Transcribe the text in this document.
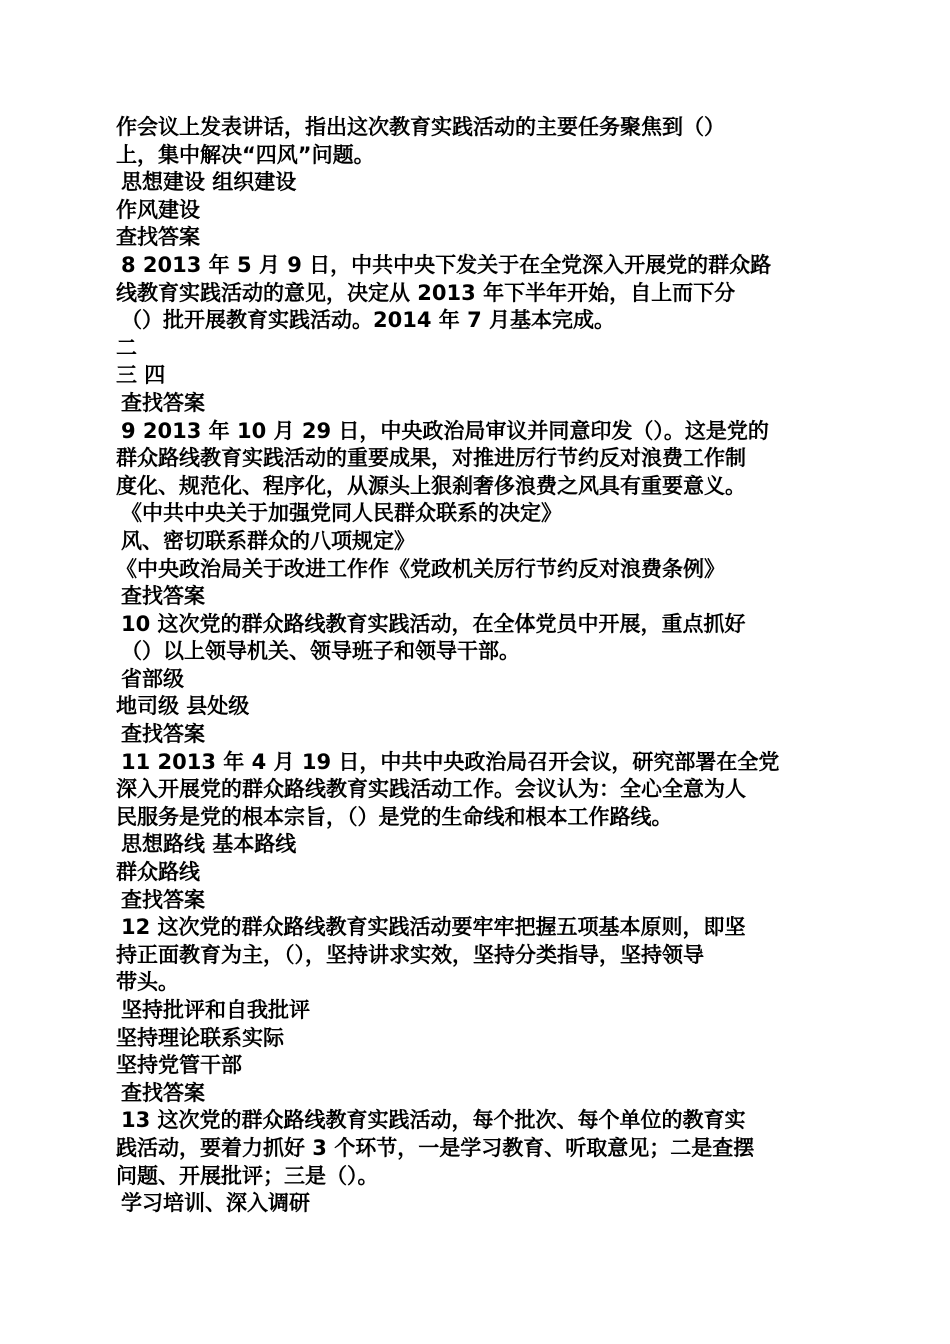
作会议上发表讲话，指出这次教育实践活动的主要任务聚焦到（）
上，集中解决“四风”问题。
思想建设 组织建设
作风建设
查找答案
8 2013 年 5 月 9 日，中共中央下发关于在全党深入开展党的群众路
线教育实践活动的意见，决定从 2013 年下半年开始，自上而下分
（）批开展教育实践活动。2014 年 7 月基本完成。
二
三 四
查找答案
9 2013 年 10 月 29 日，中央政治局审议并同意印发（）。这是党的
群众路线教育实践活动的重要成果，对推进厉行节约反对浪费工作制
度化、规范化、程序化，从源头上狠刹奢侈浪费之风具有重要意义。
《中共中央关于加强党同人民群众联系的决定》
风、密切联系群众的八项规定》
《中央政治局关于改进工作作《党政机关厉行节约反对浪费条例》
查找答案
10 这次党的群众路线教育实践活动，在全体党员中开展，重点抓好
（）以上领导机关、领导班子和领导干部。
省部级
地司级 县处级
查找答案
11 2013 年 4 月 19 日，中共中央政治局召开会议，研究部署在全党
深入开展党的群众路线教育实践活动工作。会议认为：全心全意为人
民服务是党的根本宗旨，（）是党的生命线和根本工作路线。
思想路线 基本路线
群众路线
查找答案
12 这次党的群众路线教育实践活动要牢牢把握五项基本原则，即坚
持正面教育为主，（），坚持讲求实效，坚持分类指导，坚持领导
带头。
坚持批评和自我批评
坚持理论联系实际
坚持党管干部
查找答案
13 这次党的群众路线教育实践活动，每个批次、每个单位的教育实
践活动，要着力抓好 3 个环节，一是学习教育、听取意见；二是查摆
问题、开展批评；三是（）。
学习培训、深入调研
